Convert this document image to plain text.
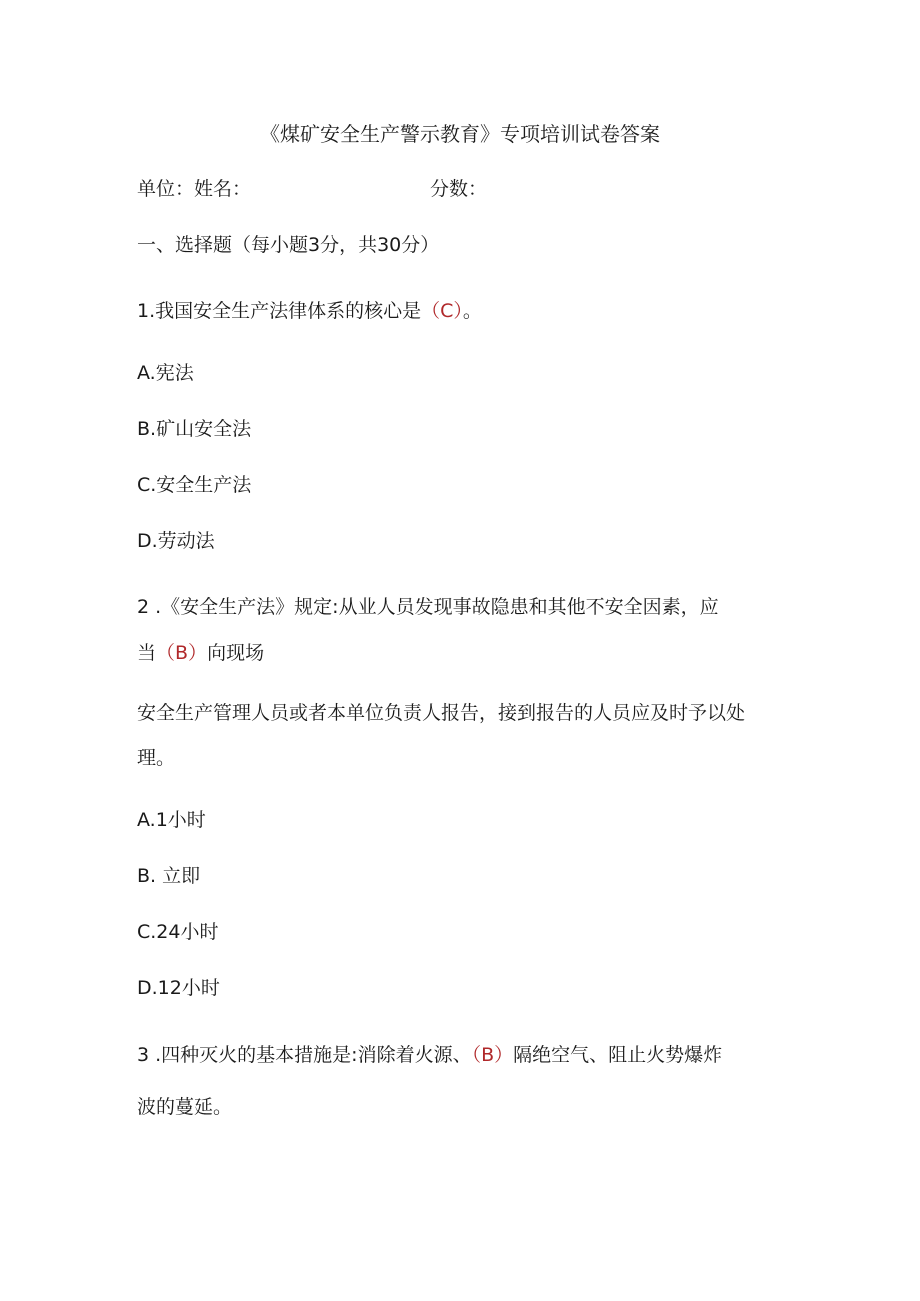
《煤矿安全生产警示教育》专项培训试卷答案
单位：姓名：	分数：
一、选择题（每小题3分，共30分）
1.我国安全生产法律体系的核心是（C）。
A.宪法
B.矿山安全法
C.安全生产法
D.劳动法
2 .《安全生产法》规定:从业人员发现事故隐患和其他不安全因素，应
当（B）向现场
安全生产管理人员或者本单位负责人报告，接到报告的人员应及时予以处
理。
A.1小时
B. 立即
C.24小时
D.12小时
3 .四种灭火的基本措施是:消除着火源、（B）隔绝空气、阻止火势爆炸
波的蔓延。
